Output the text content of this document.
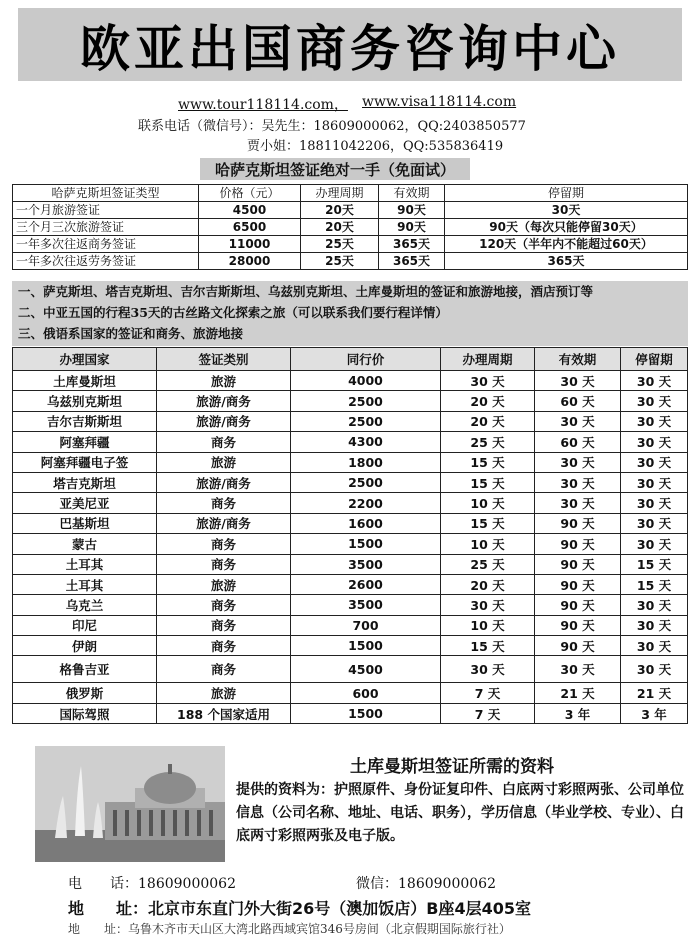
欧亚出国商务咨询中心
www.tour118114.com， www.visa118114.com
联系电话（微信号）：吴先生：18609000062，QQ:2403850577
贾小姐：18811042206，QQ:535836419
哈萨克斯坦签证绝对一手（免面试）
哈萨克斯坦签证类型	价格（元）	办理周期	有效期	停留期
一个月旅游签证	4500	20天	90天	30天
三个月三次旅游签证	6500	20天	90天	90天（每次只能停留30天）
一年多次往返商务签证	11000	25天	365天	120天（半年内不能超过60天）
一年多次往返劳务签证	28000	25天	365天	365天
一、萨克斯坦、塔吉克斯坦、吉尔吉斯斯坦、乌兹别克斯坦、土库曼斯坦的签证和旅游地接，酒店预订等
二、中亚五国的行程35天的古丝路文化探索之旅（可以联系我们要行程详情）
三、俄语系国家的签证和商务、旅游地接
办理国家	签证类别	同行价	办理周期	有效期	停留期
土库曼斯坦	旅游	4000	30 天	30 天	30 天
乌兹别克斯坦	旅游/商务	2500	20 天	60 天	30 天
吉尔吉斯斯坦	旅游/商务	2500	20 天	30 天	30 天
阿塞拜疆	商务	4300	25 天	60 天	30 天
阿塞拜疆电子签	旅游	1800	15 天	30 天	30 天
塔吉克斯坦	旅游/商务	2500	15 天	30 天	30 天
亚美尼亚	商务	2200	10 天	30 天	30 天
巴基斯坦	旅游/商务	1600	15 天	90 天	30 天
蒙古	商务	1500	10 天	90 天	30 天
土耳其	商务	3500	25 天	90 天	15 天
土耳其	旅游	2600	20 天	90 天	15 天
乌克兰	商务	3500	30 天	90 天	30 天
印尼	商务	700	10 天	90 天	30 天
伊朗	商务	1500	15 天	90 天	30 天
格鲁吉亚	商务	4500	30 天	30 天	30 天
俄罗斯	旅游	600	7 天	21 天	21 天
国际驾照	188 个国家适用	1500	7 天	3 年	3 年
土库曼斯坦签证所需的资料
提供的资料为：护照原件、身份证复印件、白底两寸彩照两张、公司单位信息（公司名称、地址、电话、职务），学历信息（毕业学校、专业）、白底两寸彩照两张及电子版。
电　　话：18609000062	微信：18609000062
地　　址：北京市东直门外大街26号（澳加饭店）B座4层405室
地　　址：乌鲁木齐市天山区大湾北路西域宾馆346号房间（北京假期国际旅行社）
